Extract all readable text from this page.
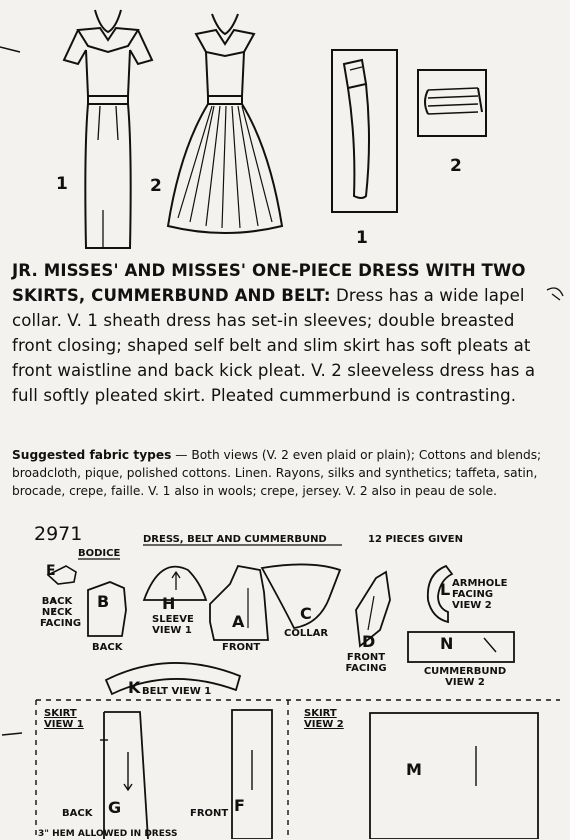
1	2
1
2
JR. MISSES' AND MISSES' ONE-PIECE DRESS WITH TWO SKIRTS, CUMMERBUND AND BELT: Dress has a wide lapel collar. V. 1 sheath dress has set-in sleeves; double breasted front closing; shaped self belt and slim skirt has soft pleats at front waistline and back kick pleat. V. 2 sleeveless dress has a full softly pleated skirt. Pleated cummerbund is contrasting.
Suggested fabric types — Both views (V. 2 even plaid or plain); Cottons and blends; broadcloth, pique, polished cottons. Linen. Rayons, silks and synthetics; taffeta, satin, brocade, crepe, faille. V. 1 also in wools; crepe, jersey. V. 2 also in peau de sole.
2971	DRESS, BELT AND CUMMERBUND	12 PIECES GIVEN
BODICE
E
BACK NECK FACING
B
BACK
H
SLEEVE VIEW 1	A
FRONT
C
COLLAR D
FRONT FACING
L ARMHOLE FACING VIEW 2
N
CUMMERBUND VIEW 2
K BELT VIEW 1
SKIRT VIEW 1
BACK G	FRONT F
SKIRT VIEW 2
M
3" HEM ALLOWED IN DRESS
